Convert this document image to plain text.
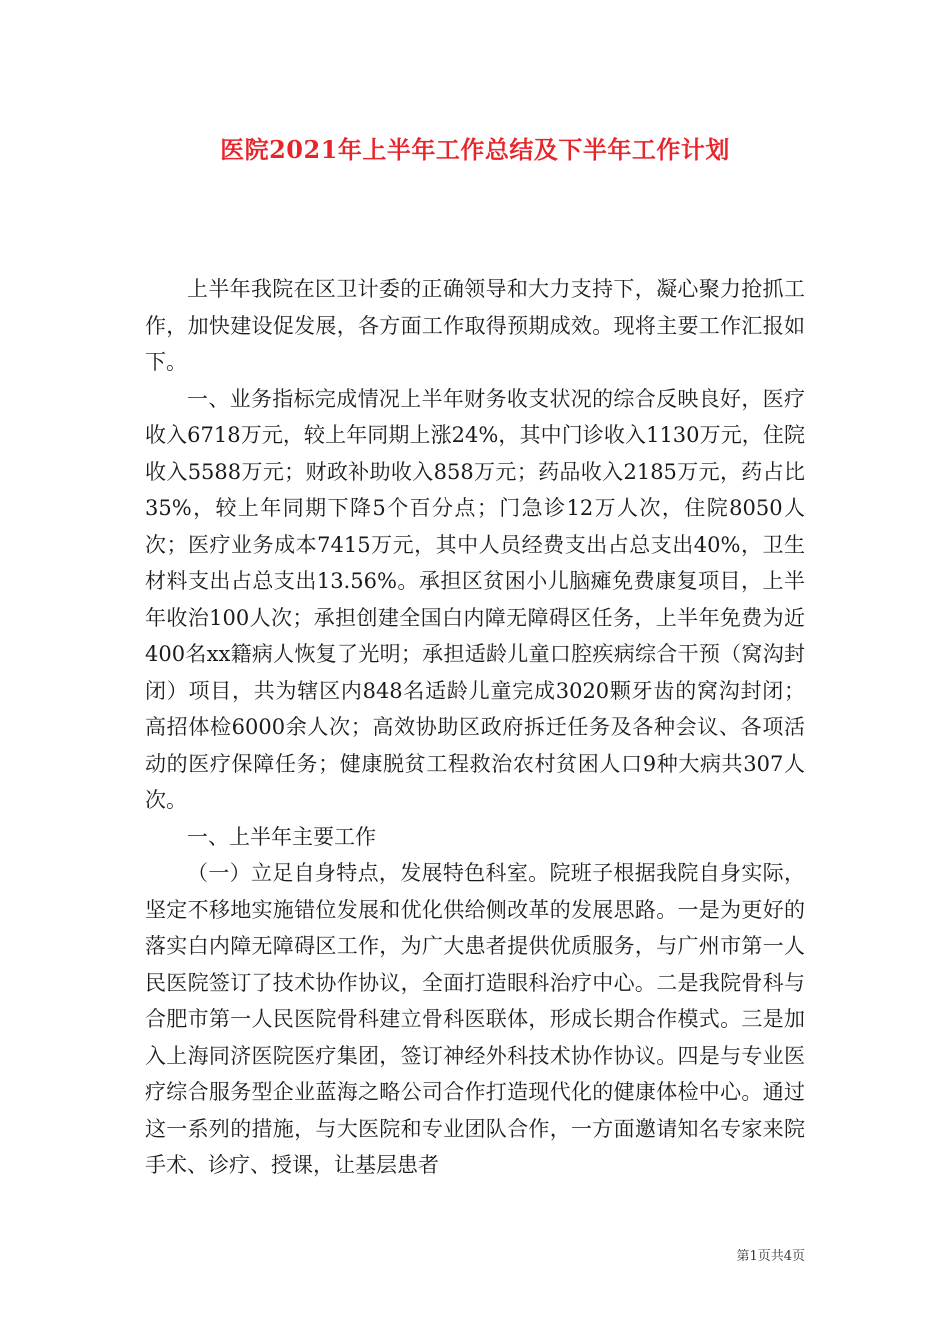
医院2021年上半年工作总结及下半年工作计划

上半年我院在区卫计委的正确领导和大力支持下，凝心聚力抢抓工作，加快建设促发展，各方面工作取得预期成效。现将主要工作汇报如下。

一、业务指标完成情况上半年财务收支状况的综合反映良好，医疗收入6718万元，较上年同期上涨24%，其中门诊收入1130万元，住院收入5588万元；财政补助收入858万元；药品收入2185万元，药占比35%，较上年同期下降5个百分点；门急诊12万人次，住院8050人次；医疗业务成本7415万元，其中人员经费支出占总支出40%，卫生材料支出占总支出13.56%。承担区贫困小儿脑瘫免费康复项目，上半年收治100人次；承担创建全国白内障无障碍区任务，上半年免费为近400名xx籍病人恢复了光明；承担适龄儿童口腔疾病综合干预（窝沟封闭）项目，共为辖区内848名适龄儿童完成3020颗牙齿的窝沟封闭；高招体检6000余人次；高效协助区政府拆迁任务及各种会议、各项活动的医疗保障任务；健康脱贫工程救治农村贫困人口9种大病共307人次。

一、上半年主要工作

（一）立足自身特点，发展特色科室。院班子根据我院自身实际，坚定不移地实施错位发展和优化供给侧改革的发展思路。一是为更好的落实白内障无障碍区工作，为广大患者提供优质服务，与广州市第一人民医院签订了技术协作协议，全面打造眼科治疗中心。二是我院骨科与合肥市第一人民医院骨科建立骨科医联体，形成长期合作模式。三是加入上海同济医院医疗集团，签订神经外科技术协作协议。四是与专业医疗综合服务型企业蓝海之略公司合作打造现代化的健康体检中心。通过这一系列的措施，与大医院和专业团队合作，一方面邀请知名专家来院手术、诊疗、授课，让基层患者

第1页共4页
